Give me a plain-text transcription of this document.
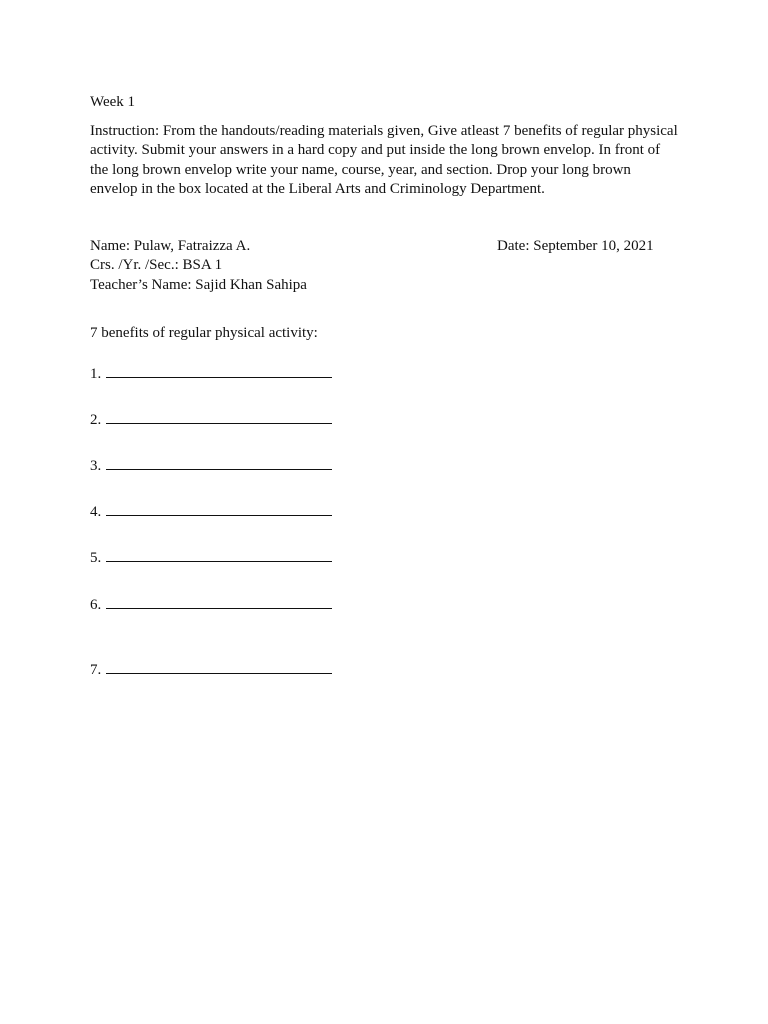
Week 1
Instruction: From the handouts/reading materials given, Give atleast 7 benefits of regular physical activity. Submit your answers in a hard copy and put inside the long brown envelop. In front of the long brown envelop write your name, course, year, and section. Drop your long brown envelop in the box located at the Liberal Arts and Criminology Department.
Name: Pulaw, Fatraizza A.	Date: September 10, 2021
Crs. /Yr. /Sec.: BSA 1
Teacher’s Name: Sajid Khan Sahipa
7 benefits of regular physical activity:
1.
2.
3.
4.
5.
6.
7.
